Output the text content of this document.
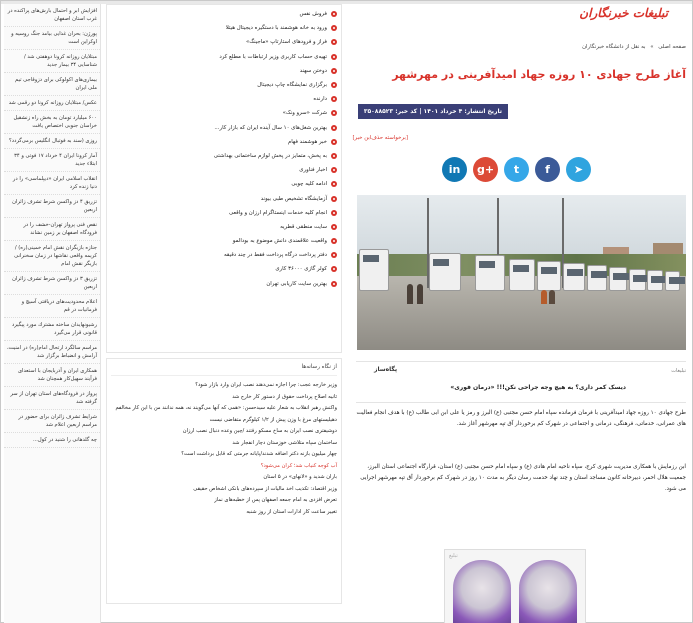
افزایش ابر و احتمال بارش‌های پراکنده در غرب استان اصفهان
پورژن: بحران غذایی بیامد جنگ روسیه و اوکراین است
مبتلایان روزانه کرونا دوهفتی شد / شناسایی ۳۴ بیمار جدید
بیماری‌های اکولوکی برای دزوقاجی تیم ملی ایران
عکس/ مبتلایان روزانه کرونا دو رقمی شد
۶۰۰ میلیارد تومان به بخش راه زنشقیل خراسان جنوبی اختصاص یافت
روزی (سند به فوتبال انگلیس برمی‌گردد؟
آمار کرونا ایران ۴ خرداد ۱۷ فوتی و ۳۴ ابتلاء جدید
انقلاب اسلامی ایران «دیپلماسی» را در دنیا زنده کرد
تزریق ۴ دز واکسن شرط تشرف زائران اربعین
نقص فنی پرواز تهران-خشف را در فرودگاه اصفهان بر زمین نشاند
جنازه بازیگران نقش امام خمینی(ره) / کریمه واقعی نقاشها در زمان سخنرانی بازیگر نقش امام
تزریق ۳ دز واکسن شرط تشرف زائران اربعین
اعلام محدودیت‌های دریافتی آسیچ و فرمانیات در قم
رشیونهایدان ساخته مشترك مورد پیگیرد قانونی قرار می‌گیرد
مراسم سالگرد ارتحال امام(ره) در امنیت، آرامش و انضباط برگزار شد
همکاری ایران و آذربایجان با استعدای فرآیند سهیل‌کار همچنان شد
پرواز در فرودگاه‌های استان تهران از سر گرفته شد
شرایط تشرف زائران برای حضور در مراسم اربعین اعلام شد
چه گلدهانی را شنید در کول...
فروش نفس
ورود به خانه هوشمند با دستگیره دیجیتال هیتلا
فراز و فرودهای استارتاپ «ماجینگ»
تهیه‌ی حساب کاربری وزیر ارتباطات با مطلع کرد
دوختن سهند
برگزاری نمایشگاه چاپ دیجیتال
دارنده
شرکت «سرو ونک»
بهترین شغل‌های ۱۰ سال آینده ایران که بازار کار...
خبر هوشمند فهام
به پخش، متمایز در پخش لوازم ساختمانی بهداشتی
اخبار فناوری
ادامه کلیه چوبی
آزمایشگاه تشخیص طبی بیوند
انجام کلیه خدمات اینستاگرام ارزان و واقعی
سایت منطقی قطریه
واقعیت علاقمندی دانش موضوع به بودالمو
دفتر پرداخت درگاه پرداخت فقط در چند دقیقه
کولر گازی ۳۶۰۰۰ کاری
بهترین سایت کاریابی تهران
از نگاه رسانه‌ها
وزیر خارجه عجب: چرا اجازه نمی‌دهند نصب ایران وارد بازار شود؟
ثانیه اصلاح پرداخت حقوق از دستور کار خارج شد
واکنش رهبر انقلاب به شعار علیه سیدحسن: «همی که آنها می‌گویند نه، همه ندانند من با این کار مخالفم
دهیلیستهای مرغ با وزن پیش از ۱/۲ کیلوگرم متقاضی نیست
دوشیفتری نصب ایران به ساخ مسکو رفتند /چین وعده دنبال نصب ارزان
ساختمان سپاه متلاشی خوزستان دچار انفجار شد
چهار میلیون بازنه دکتر اضافه شدند/پایانه جرمتی که قابل برداشت است؟
آب کوجه کنیاب شد؛ کران می‌شود؟
باران شدید و «لانهای» در ۵ استان
وزیر اقتصاد: تکذیب اخذ مالیات از سپرده‌های بانکی اشخاص حقیقی
تعرض افزدی به امام جمعه اصفهان پس از خطبه‌های نماز
تغییر ساعت کار ادارات استان از روز شنبه
تبلیغات خبرنگاران
صفحه اصلی » به نقل از دانشگاه خبرنگاران
آغاز طرح جهادی ۱۰ روزه جهاد امیدآفرینی در مهرشهر
تاریخ انتشار: ۴ خرداد ۱۴۰۱ | کد خبر: ۳۵۰۸۸۵۲۳
[برخواسته حذف‌ابن خبر]
➤
f
t
g+
in
تبلیغات
دیسک کمر داری؟ به هیچ وجه جراحی نکن!!! «درمان فوری»
پگاه‌ساز
طرح جهادی ۱۰ روزه جهاد امیدآفرینی با فرمان فرمانده سپاه امام حسن مجتبی (ع) البرز و رمز یا علی ابن ابی طالب (ع) با هدف انجام فعالیت های عمرانی، خدماتی، فرهنگی، درمانی و اجتماعی در شهرک کم برخوردار آق تپه مهرشهر آغاز شد.
ابن رزمایش با همکاری مدیریت شهری کرج، سپاه ناحیه امام هادی (ع) و سپاه امام حسن مجتبی (ع) استان، قرارگاه اجتماعی استان البرز، جمعیت هلال احمر، دبیرخانه کانون مساجد استان و چند نهاد خدمت رسان دیگر به مدت ۱۰ روز در شهرک کم برخوردار آق تپه مهرشهر اجرایی می شود.
تبلیغ
